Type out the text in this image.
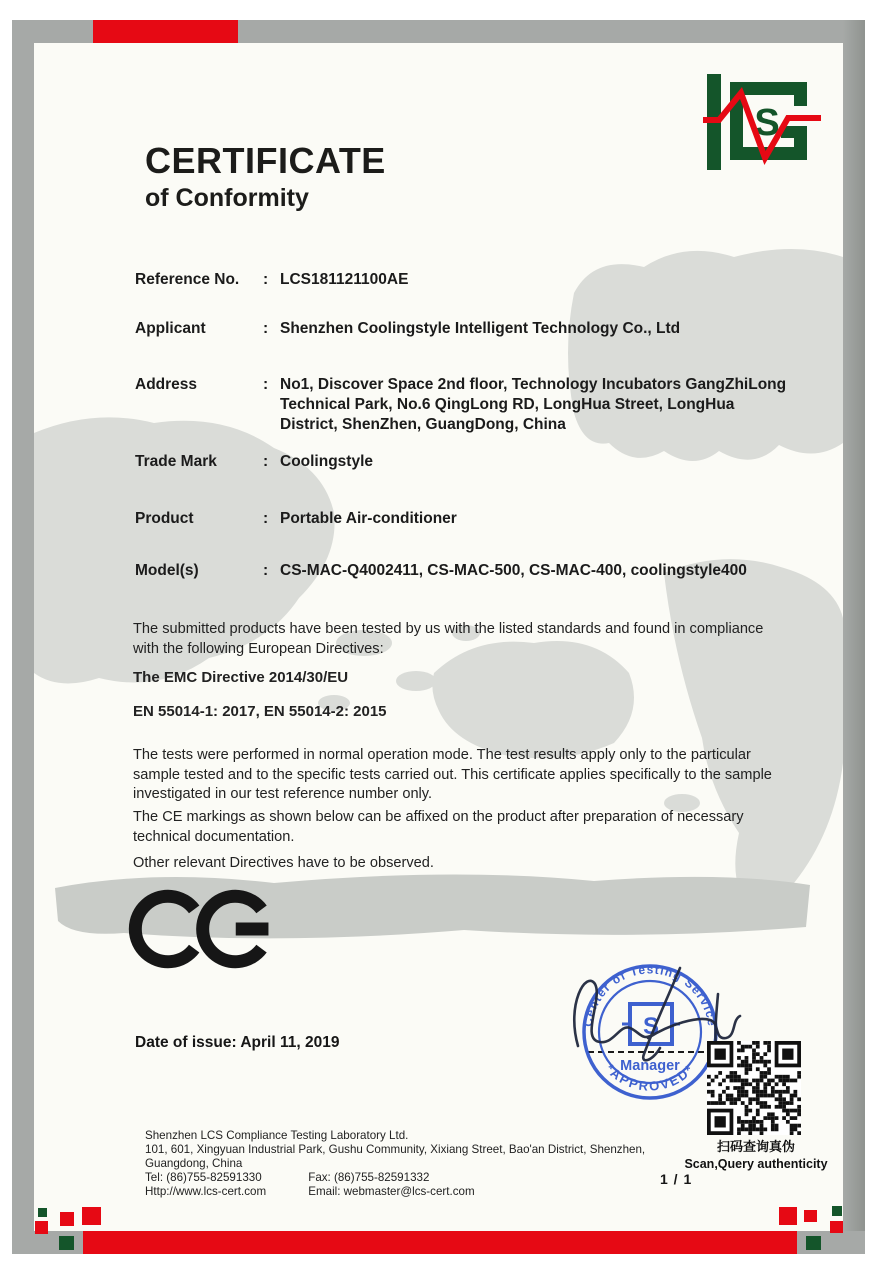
S
CERTIFICATE
of Conformity
Reference No.	: LCS181121100AE
Applicant	: Shenzhen Coolingstyle Intelligent Technology Co., Ltd
Address	: No1, Discover Space 2nd floor, Technology Incubators GangZhiLong Technical Park, No.6 QingLong RD, LongHua Street, LongHua District, ShenZhen, GuangDong, China
Trade Mark	: Coolingstyle
Product	: Portable Air-conditioner
Model(s)	: CS-MAC-Q4002411, CS-MAC-500, CS-MAC-400, coolingstyle400
The submitted products have been tested by us with the listed standards and found in compliance with the following European Directives:
The EMC Directive 2014/30/EU
EN 55014-1: 2017, EN 55014-2: 2015
The tests were performed in normal operation mode. The test results apply only to the particular sample tested and to the specific tests carried out. This certificate applies specifically to the sample investigated in our test reference number only.
The CE markings as shown below can be affixed on the product after preparation of necessary technical documentation.
Other relevant Directives have to be observed.
Date of issue: April 11, 2019
Center of Testing Service
*APPROVED*
S
Manager
扫码查询真伪
Scan,Query authenticity
Shenzhen LCS Compliance Testing Laboratory Ltd.
101, 601, Xingyuan Industrial Park, Gushu Community, Xixiang Street, Bao'an District, Shenzhen,
Guangdong, China
Tel: (86)755-82591330	Fax: (86)755-82591332
Http://www.lcs-cert.com	Email: webmaster@lcs-cert.com
1 / 1
